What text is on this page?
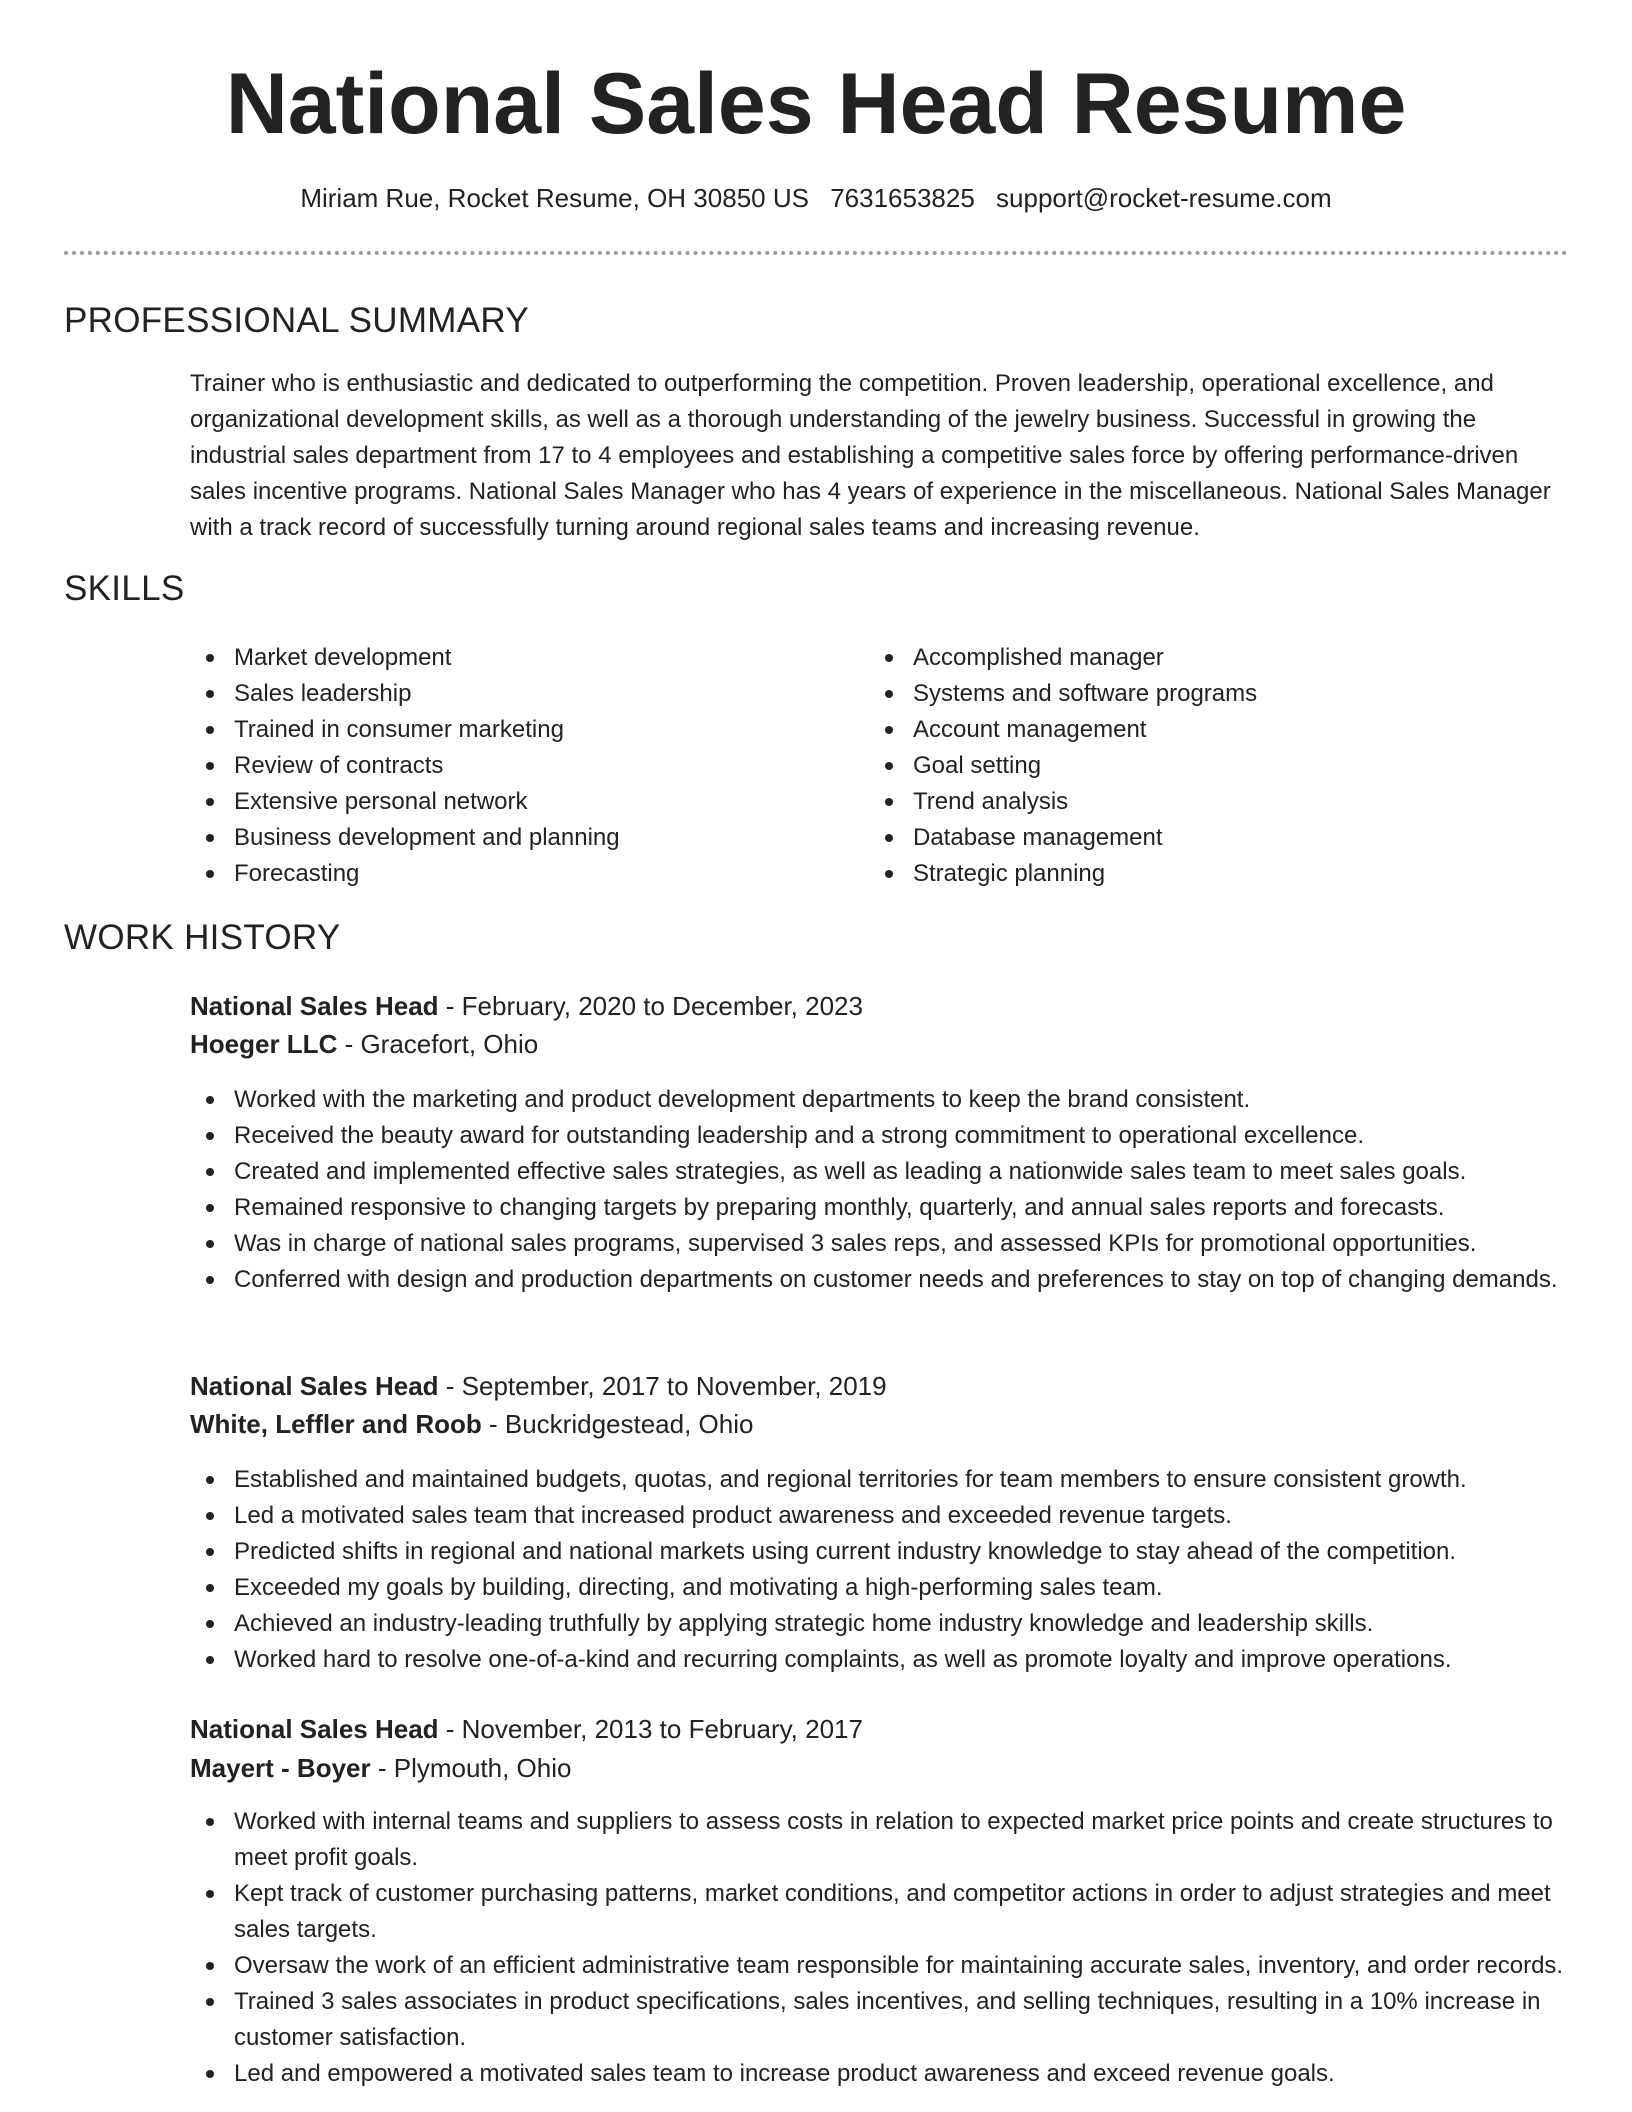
National Sales Head Resume
Miriam Rue, Rocket Resume, OH 30850 US 7631653825 support@rocket-resume.com
PROFESSIONAL SUMMARY

Trainer who is enthusiastic and dedicated to outperforming the competition. Proven leadership, operational excellence, and organizational development skills, as well as a thorough understanding of the jewelry business. Successful in growing the industrial sales department from 17 to 4 employees and establishing a competitive sales force by offering performance-driven sales incentive programs. National Sales Manager who has 4 years of experience in the miscellaneous. National Sales Manager with a track record of successfully turning around regional sales teams and increasing revenue.

SKILLS
Market development
Sales leadership
Trained in consumer marketing
Review of contracts
Extensive personal network
Business development and planning
Forecasting
Accomplished manager
Systems and software programs
Account management
Goal setting
Trend analysis
Database management
Strategic planning
WORK HISTORY
National Sales Head - February, 2020 to December, 2023
Hoeger LLC - Gracefort, Ohio
Worked with the marketing and product development departments to keep the brand consistent.
Received the beauty award for outstanding leadership and a strong commitment to operational excellence.
Created and implemented effective sales strategies, as well as leading a nationwide sales team to meet sales goals.
Remained responsive to changing targets by preparing monthly, quarterly, and annual sales reports and forecasts.
Was in charge of national sales programs, supervised 3 sales reps, and assessed KPIs for promotional opportunities.
Conferred with design and production departments on customer needs and preferences to stay on top of changing demands.
National Sales Head - September, 2017 to November, 2019
White, Leffler and Roob - Buckridgestead, Ohio
Established and maintained budgets, quotas, and regional territories for team members to ensure consistent growth.
Led a motivated sales team that increased product awareness and exceeded revenue targets.
Predicted shifts in regional and national markets using current industry knowledge to stay ahead of the competition.
Exceeded my goals by building, directing, and motivating a high-performing sales team.
Achieved an industry-leading truthfully by applying strategic home industry knowledge and leadership skills.
Worked hard to resolve one-of-a-kind and recurring complaints, as well as promote loyalty and improve operations.
National Sales Head - November, 2013 to February, 2017
Mayert - Boyer - Plymouth, Ohio
Worked with internal teams and suppliers to assess costs in relation to expected market price points and create structures to meet profit goals.
Kept track of customer purchasing patterns, market conditions, and competitor actions in order to adjust strategies and meet sales targets.
Oversaw the work of an efficient administrative team responsible for maintaining accurate sales, inventory, and order records.
Trained 3 sales associates in product specifications, sales incentives, and selling techniques, resulting in a 10% increase in customer satisfaction.
Led and empowered a motivated sales team to increase product awareness and exceed revenue goals.
